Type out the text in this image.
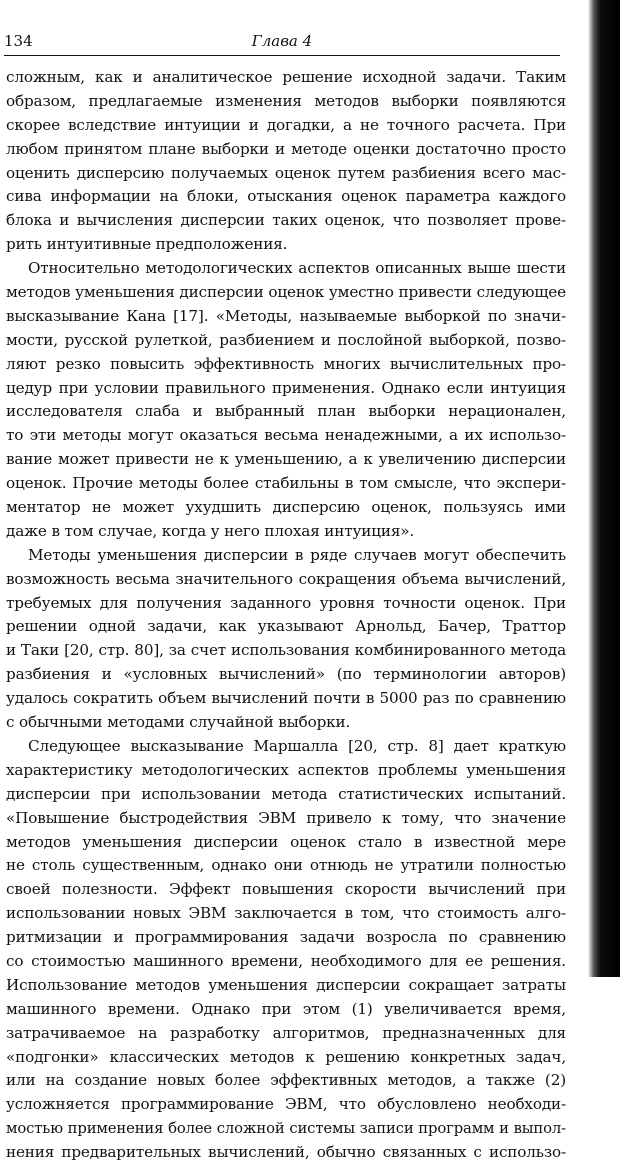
134	Глава 4
сложным, как и аналитическое решение исходной задачи. Таким
образом, предлагаемые изменения методов выборки появляются
скорее вследствие интуиции и догадки, а не точного расчета. При
любом принятом плане выборки и методе оценки достаточно просто
оценить дисперсию получаемых оценок путем разбиения всего мас-
сива информации на блоки, отыскания оценок параметра каждого
блока и вычисления дисперсии таких оценок, что позволяет прове-
рить интуитивные предположения.
Относительно методологических аспектов описанных выше шести
методов уменьшения дисперсии оценок уместно привести следующее
высказывание Кана [17]. «Методы, называемые выборкой по значи-
мости, русской рулеткой, разбиением и послойной выборкой, позво-
ляют резко повысить эффективность многих вычислительных про-
цедур при условии правильного применения. Однако если интуиция
исследователя слаба и выбранный план выборки нерационален,
то эти методы могут оказаться весьма ненадежными, а их использо-
вание может привести не к уменьшению, а к увеличению дисперсии
оценок. Прочие методы более стабильны в том смысле, что экспери-
ментатор не может ухудшить дисперсию оценок, пользуясь ими
даже в том случае, когда у него плохая интуиция».
Методы уменьшения дисперсии в ряде случаев могут обеспечить
возможность весьма значительного сокращения объема вычислений,
требуемых для получения заданного уровня точности оценок. При
решении одной задачи, как указывают Арнольд, Бачер, Траттор
и Таки [20, стр. 80], за счет использования комбинированного метода
разбиения и «условных вычислений» (по терминологии авторов)
удалось сократить объем вычислений почти в 5000 раз по сравнению
с обычными методами случайной выборки.
Следующее высказывание Маршалла [20, стр. 8] дает краткую
характеристику методологических аспектов проблемы уменьшения
дисперсии при использовании метода статистических испытаний.
«Повышение быстродействия ЭВМ привело к тому, что значение
методов уменьшения дисперсии оценок стало в известной мере
не столь существенным, однако они отнюдь не утратили полностью
своей полезности. Эффект повышения скорости вычислений при
использовании новых ЭВМ заключается в том, что стоимость алго-
ритмизации и программирования задачи возросла по сравнению
со стоимостью машинного времени, необходимого для ее решения.
Использование методов уменьшения дисперсии сокращает затраты
машинного времени. Однако при этом (1) увеличивается время,
затрачиваемое на разработку алгоритмов, предназначенных для
«подгонки» классических методов к решению конкретных задач,
или на создание новых более эффективных методов, а также (2)
усложняется программирование ЭВМ, что обусловлено необходи-
мостью применения более сложной системы записи программ и выпол-
нения предварительных вычислений, обычно связанных с использо-
